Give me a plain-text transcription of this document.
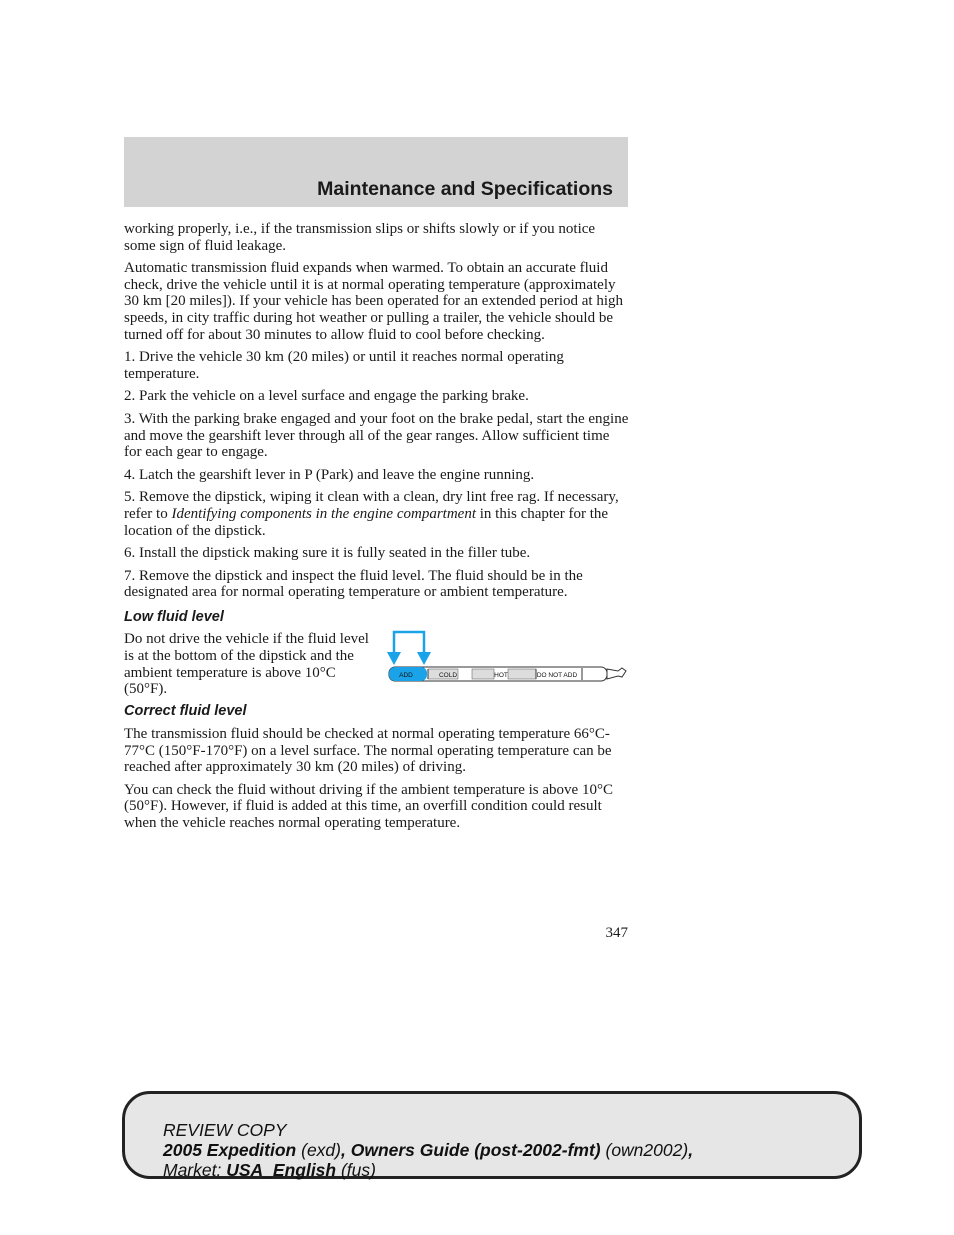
Maintenance and Specifications

working properly, i.e., if the transmission slips or shifts slowly or if you notice some sign of fluid leakage.

Automatic transmission fluid expands when warmed. To obtain an accurate fluid check, drive the vehicle until it is at normal operating temperature (approximately 30 km [20 miles]). If your vehicle has been operated for an extended period at high speeds, in city traffic during hot weather or pulling a trailer, the vehicle should be turned off for about 30 minutes to allow fluid to cool before checking.

1. Drive the vehicle 30 km (20 miles) or until it reaches normal operating temperature.

2. Park the vehicle on a level surface and engage the parking brake.

3. With the parking brake engaged and your foot on the brake pedal, start the engine and move the gearshift lever through all of the gear ranges. Allow sufficient time for each gear to engage.

4. Latch the gearshift lever in P (Park) and leave the engine running.

5. Remove the dipstick, wiping it clean with a clean, dry lint free rag. If necessary, refer to Identifying components in the engine compartment in this chapter for the location of the dipstick.

6. Install the dipstick making sure it is fully seated in the filler tube.

7. Remove the dipstick and inspect the fluid level. The fluid should be in the designated area for normal operating temperature or ambient temperature.

Low fluid level

Do not drive the vehicle if the fluid level is at the bottom of the dipstick and the ambient temperature is above 10°C (50°F).

ADD	COLD	HOT	DO NOT ADD
Correct fluid level

The transmission fluid should be checked at normal operating temperature 66°C-77°C (150°F-170°F) on a level surface. The normal operating temperature can be reached after approximately 30 km (20 miles) of driving.

You can check the fluid without driving if the ambient temperature is above 10°C (50°F). However, if fluid is added at this time, an overfill condition could result when the vehicle reaches normal operating temperature.

347
REVIEW COPY
2005 Expedition (exd), Owners Guide (post-2002-fmt) (own2002),
Market: USA_English (fus)
